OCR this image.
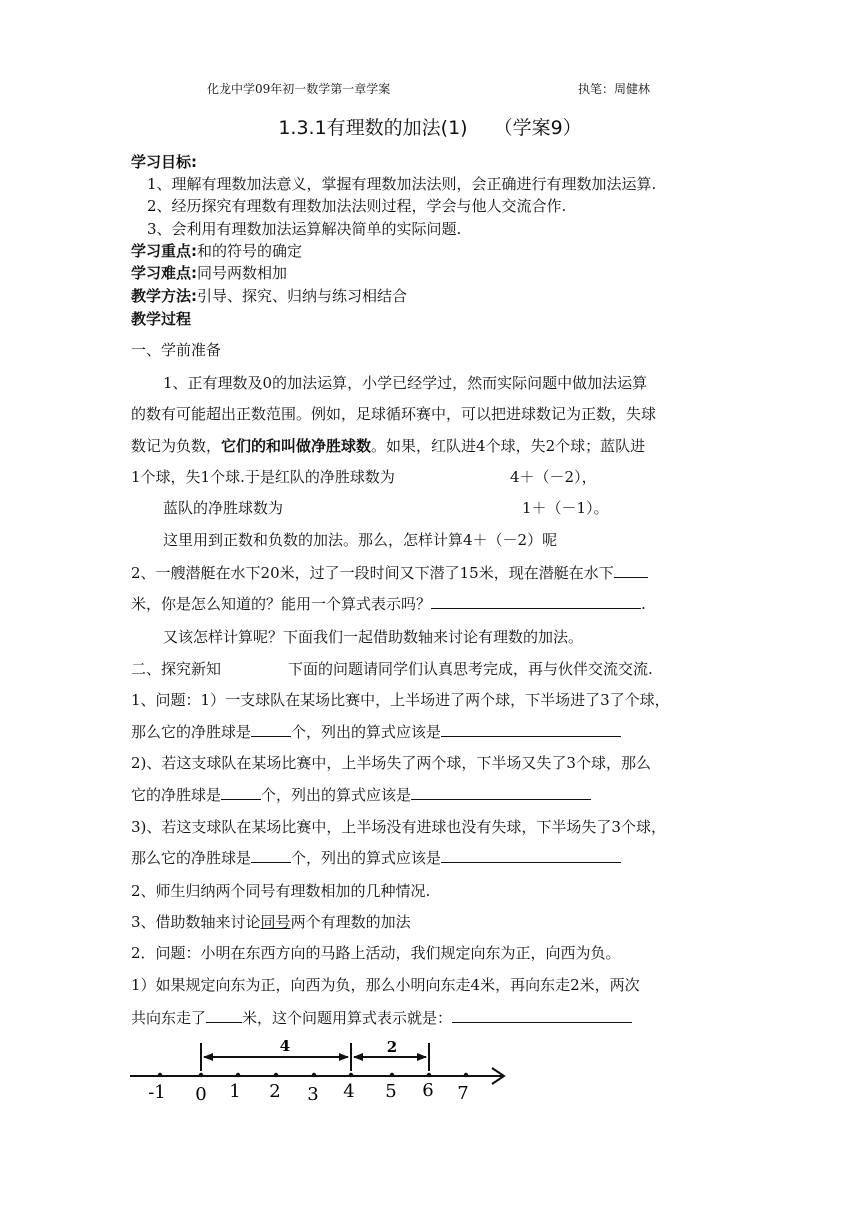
化龙中学09年初一数学第一章学案	执笔：周健林
1.3.1有理数的加法(1) （学案9）
学习目标:
1、理解有理数加法意义，掌握有理数加法法则，会正确进行有理数加法运算.
2、经历探究有理数有理数加法法则过程，学会与他人交流合作.
3、会利用有理数加法运算解决简单的实际问题.
学习重点:和的符号的确定
学习难点:同号两数相加
教学方法:引导、探究、归纳与练习相结合
教学过程
一、学前准备
1、正有理数及0的加法运算，小学已经学过，然而实际问题中做加法运算
的数有可能超出正数范围。例如，足球循环赛中，可以把进球数记为正数，失球
数记为负数，它们的和叫做净胜球数。如果，红队进4个球，失2个球；蓝队进
1个球，失1个球.于是红队的净胜球数为	4＋（－2），
蓝队的净胜球数为	1＋（－1）。
这里用到正数和负数的加法。那么，怎样计算4＋（－2）呢
2、一艘潜艇在水下20米，过了一段时间又下潜了15米，现在潜艇在水下
米，你是怎么知道的？能用一个算式表示吗？	.
又该怎样计算呢？下面我们一起借助数轴来讨论有理数的加法。
二、探究新知	下面的问题请同学们认真思考完成，再与伙伴交流交流.
1、问题：1）一支球队在某场比赛中，上半场进了两个球，下半场进了3了个球，
那么它的净胜球是	个，列出的算式应该是
2)、若这支球队在某场比赛中，上半场失了两个球，下半场又失了3个球，那么
它的净胜球是	个，列出的算式应该是
3)、若这支球队在某场比赛中，上半场没有进球也没有失球，下半场失了3个球，
那么它的净胜球是	个，列出的算式应该是
2、师生归纳两个同号有理数相加的几种情况.
3、借助数轴来讨论同号两个有理数的加法
2．问题：小明在东西方向的马路上活动，我们规定向东为正，向西为负。
1）如果规定向东为正，向西为负，那么小明向东走4米，再向东走2米，两次
共向东走了 米，这个问题用算式表示就是：
-1 0 1 2 3 4 5 6 7
4	2
